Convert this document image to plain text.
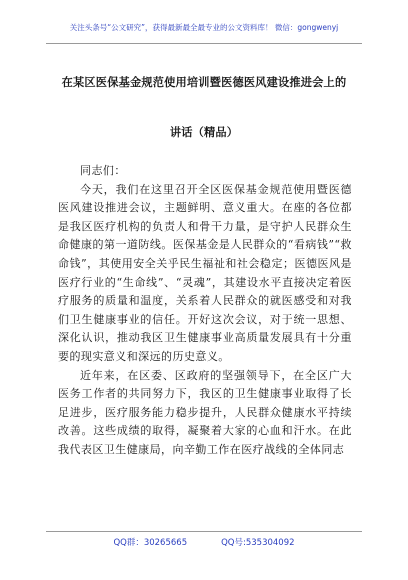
关注头条号“公文研究”，获得最新最全最专业的公文资料库！ 微信：gongwenyj
在某区医保基金规范使用培训暨医德医风建设推进会上的
讲话（精品）

同志们：

今天，我们在这里召开全区医保基金规范使用暨医德医风建设推进会议，主题鲜明、意义重大。在座的各位都是我区医疗机构的负责人和骨干力量，是守护人民群众生命健康的第一道防线。医保基金是人民群众的“看病钱”“救命钱”，其使用安全关乎民生福祉和社会稳定；医德医风是医疗行业的“生命线”、“灵魂”，其建设水平直接决定着医疗服务的质量和温度，关系着人民群众的就医感受和对我们卫生健康事业的信任。开好这次会议，对于统一思想、深化认识，推动我区卫生健康事业高质量发展具有十分重要的现实意义和深远的历史意义。

近年来，在区委、区政府的坚强领导下，在全区广大医务工作者的共同努力下，我区的卫生健康事业取得了长足进步，医疗服务能力稳步提升，人民群众健康水平持续改善。这些成绩的取得，凝聚着大家的心血和汗水。在此我代表区卫生健康局，向辛勤工作在医疗战线的全体同志

QQ群：30265665	QQ号:535304092
